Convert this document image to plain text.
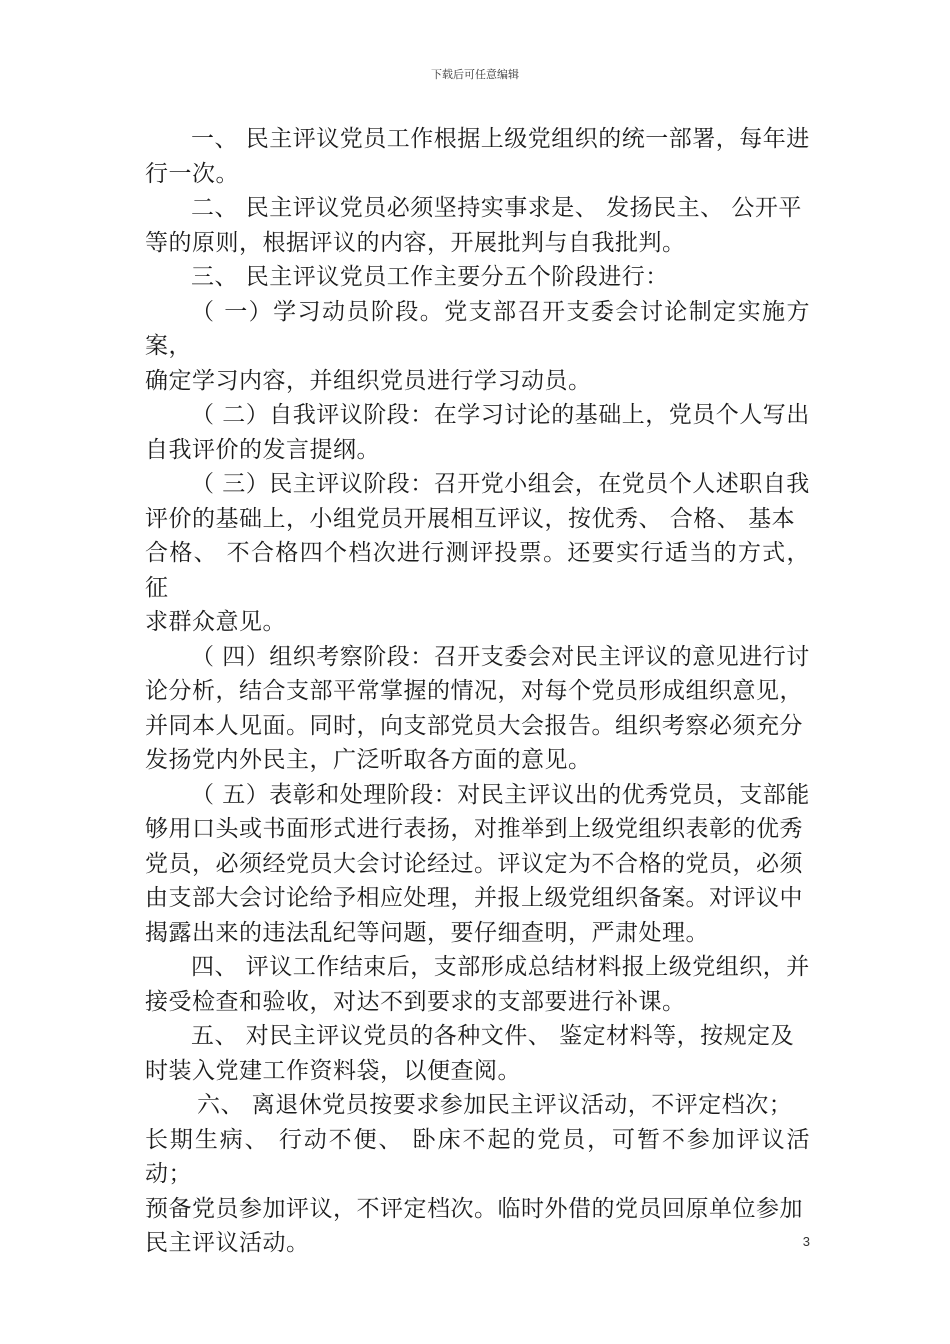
下载后可任意编辑

一、 民主评议党员工作根据上级党组织的统一部署，每年进
行一次。

二、 民主评议党员必须坚持实事求是、 发扬民主、 公开平
等的原则，根据评议的内容，开展批判与自我批判。

三、 民主评议党员工作主要分五个阶段进行：

（ 一）学习动员阶段。党支部召开支委会讨论制定实施方案，
确定学习内容，并组织党员进行学习动员。

（ 二）自我评议阶段：在学习讨论的基础上，党员个人写出
自我评价的发言提纲。

（ 三）民主评议阶段：召开党小组会，在党员个人述职自我
评价的基础上，小组党员开展相互评议，按优秀、 合格、 基本
合格、 不合格四个档次进行测评投票。还要实行适当的方式，征
求群众意见。

（ 四）组织考察阶段：召开支委会对民主评议的意见进行讨
论分析，结合支部平常掌握的情况，对每个党员形成组织意见，
并同本人见面。同时，向支部党员大会报告。组织考察必须充分
发扬党内外民主，广泛听取各方面的意见。

（ 五）表彰和处理阶段：对民主评议出的优秀党员，支部能
够用口头或书面形式进行表扬，对推举到上级党组织表彰的优秀
党员，必须经党员大会讨论经过。评议定为不合格的党员，必须
由支部大会讨论给予相应处理，并报上级党组织备案。对评议中
揭露出来的违法乱纪等问题，要仔细查明，严肃处理。

四、 评议工作结束后，支部形成总结材料报上级党组织，并
接受检查和验收，对达不到要求的支部要进行补课。

五、 对民主评议党员的各种文件、 鉴定材料等，按规定及
时装入党建工作资料袋，以便查阅。

六、 离退休党员按要求参加民主评议活动，不评定档次；
长期生病、 行动不便、 卧床不起的党员，可暂不参加评议活动；
预备党员参加评议，不评定档次。临时外借的党员回原单位参加
民主评议活动。	3
